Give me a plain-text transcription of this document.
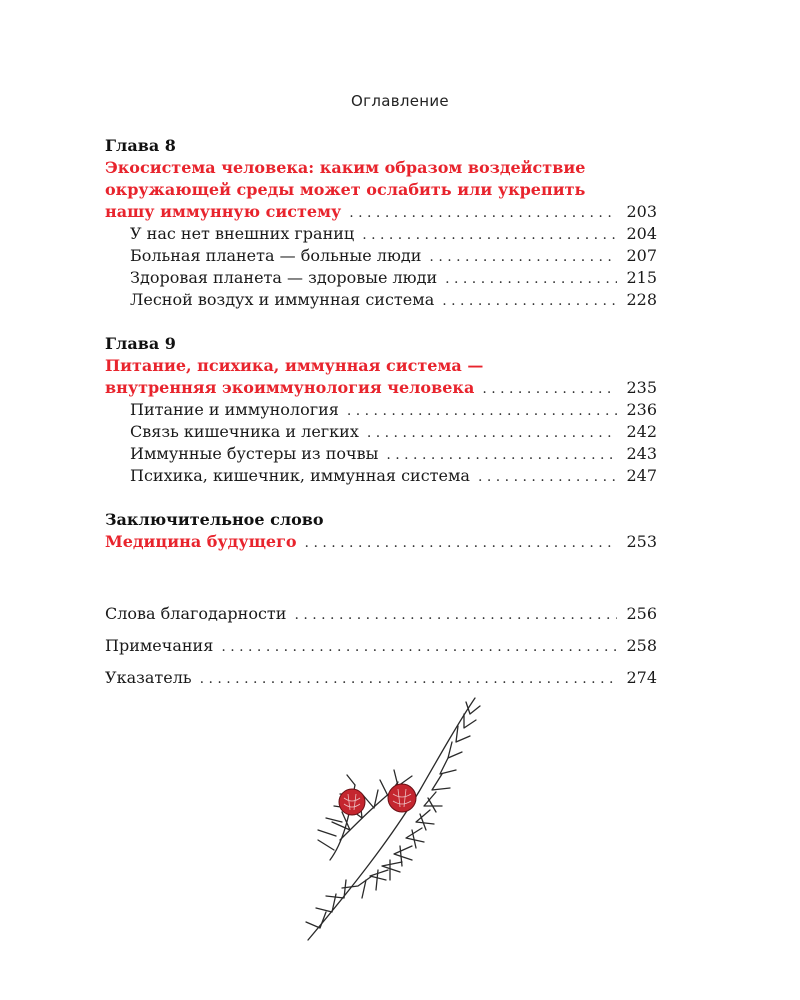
Оглавление
Глава 8
Экосистема человека: каким образом воздействие
окружающей среды может ослабить или укрепить
нашу иммунную систему . . .	203
У нас нет внешних границ . . .	204
Больная планета — больные люди . . .	207
Здоровая планета — здоровые люди . . .	215
Лесной воздух и иммунная система . . .	228
Глава 9
Питание, психика, иммунная система —
внутренняя экоиммунология человека . . .	235
Питание и иммунология . . .	236
Связь кишечника и легких . . .	242
Иммунные бустеры из почвы . . .	243
Психика, кишечник, иммунная система . . .	247
Заключительное слово
Медицина будущего . . .	253
Слова благодарности . . .	256
Примечания . . .	258
Указатель . . .	274
